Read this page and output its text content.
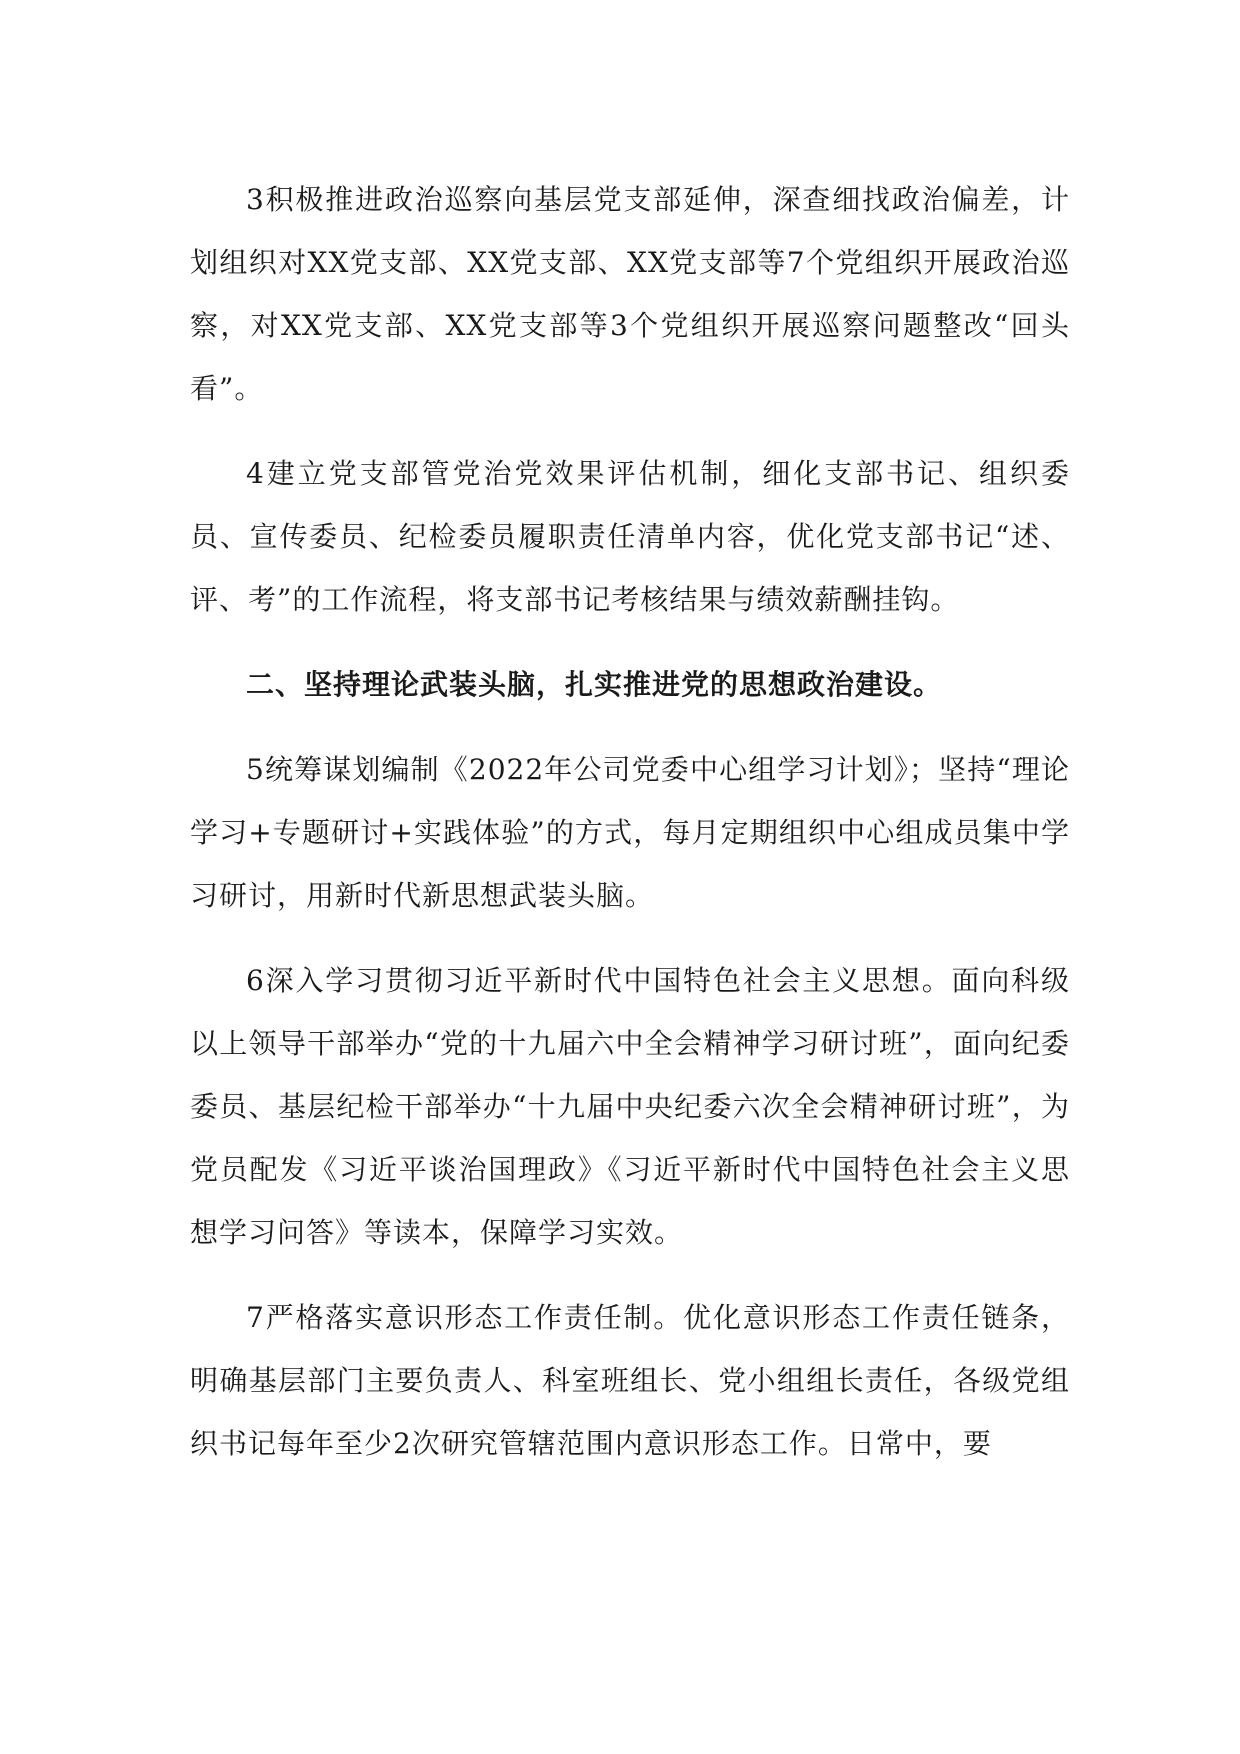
3积极推进政治巡察向基层党支部延伸，深查细找政治偏差，计划组织对XX党支部、XX党支部、XX党支部等7个党组织开展政治巡察，对XX党支部、XX党支部等3个党组织开展巡察问题整改“回头看”。

4建立党支部管党治党效果评估机制，细化支部书记、组织委员、宣传委员、纪检委员履职责任清单内容，优化党支部书记“述、评、考”的工作流程，将支部书记考核结果与绩效薪酬挂钩。

二、坚持理论武装头脑，扎实推进党的思想政治建设。

5统筹谋划编制《2022年公司党委中心组学习计划》；坚持“理论学习+专题研讨+实践体验”的方式，每月定期组织中心组成员集中学习研讨，用新时代新思想武装头脑。

6深入学习贯彻习近平新时代中国特色社会主义思想。面向科级以上领导干部举办“党的十九届六中全会精神学习研讨班”，面向纪委委员、基层纪检干部举办“十九届中央纪委六次全会精神研讨班”，为党员配发《习近平谈治国理政》《习近平新时代中国特色社会主义思想学习问答》等读本，保障学习实效。

7严格落实意识形态工作责任制。优化意识形态工作责任链条，明确基层部门主要负责人、科室班组长、党小组组长责任，各级党组织书记每年至少2次研究管辖范围内意识形态工作。日常中，要
